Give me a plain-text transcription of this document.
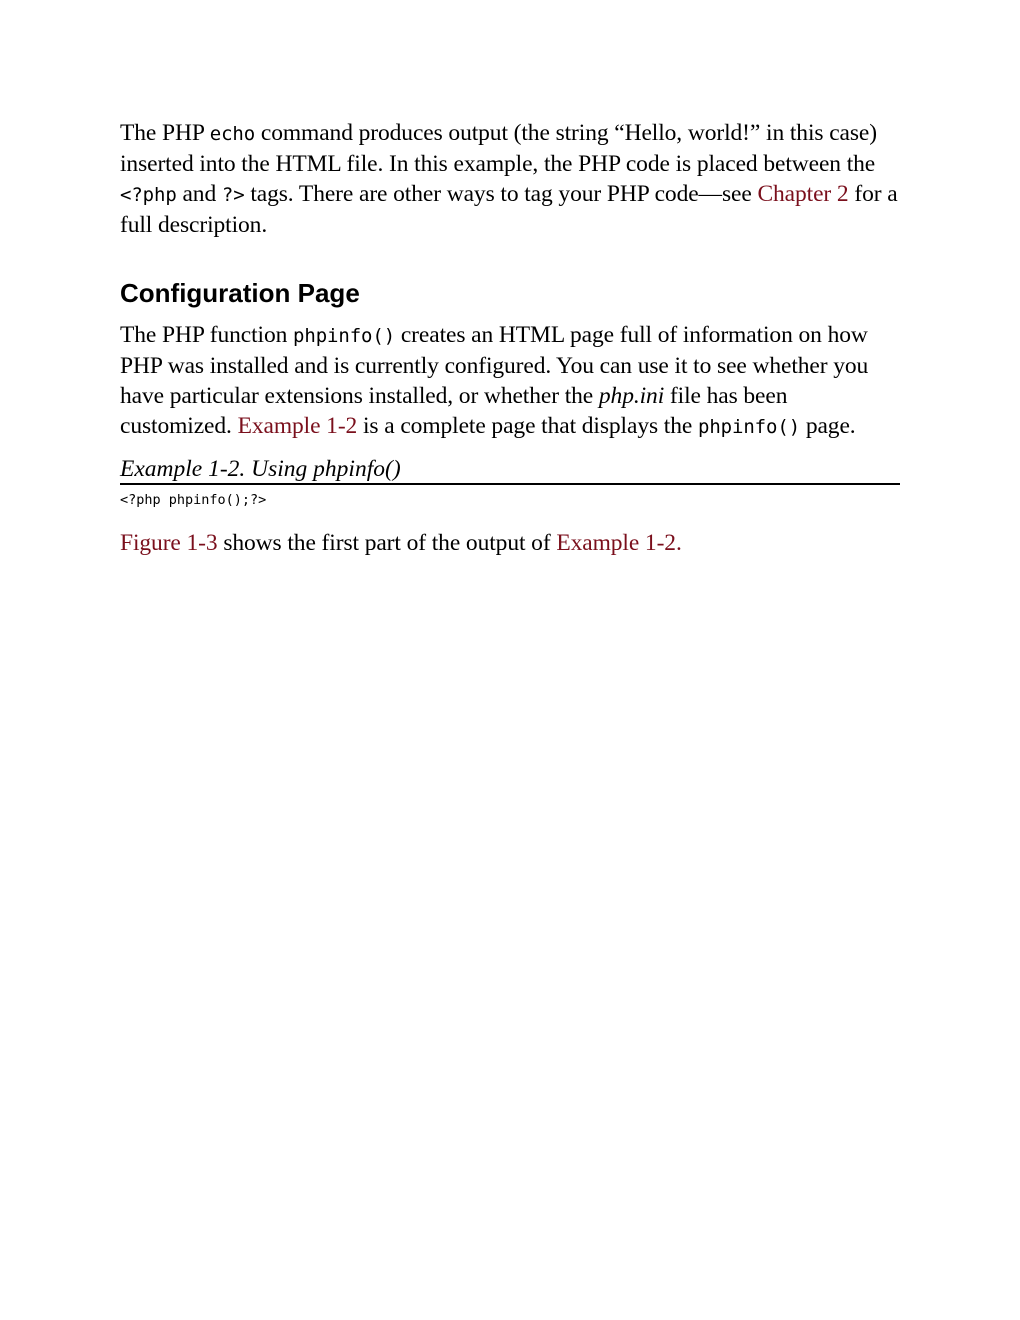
The PHP echo command produces output (the string “Hello, world!” in this case) inserted into the HTML file. In this example, the PHP code is placed between the <?php and ?> tags. There are other ways to tag your PHP code—see Chapter 2 for a full description.

Configuration Page

The PHP function phpinfo() creates an HTML page full of information on how PHP was installed and is currently configured. You can use it to see whether you have particular extensions installed, or whether the php.ini file has been customized. Example 1-2 is a complete page that displays the phpinfo() page.

Example 1-2. Using phpinfo()
<?php phpinfo();?>

Figure 1-3 shows the first part of the output of Example 1-2.
